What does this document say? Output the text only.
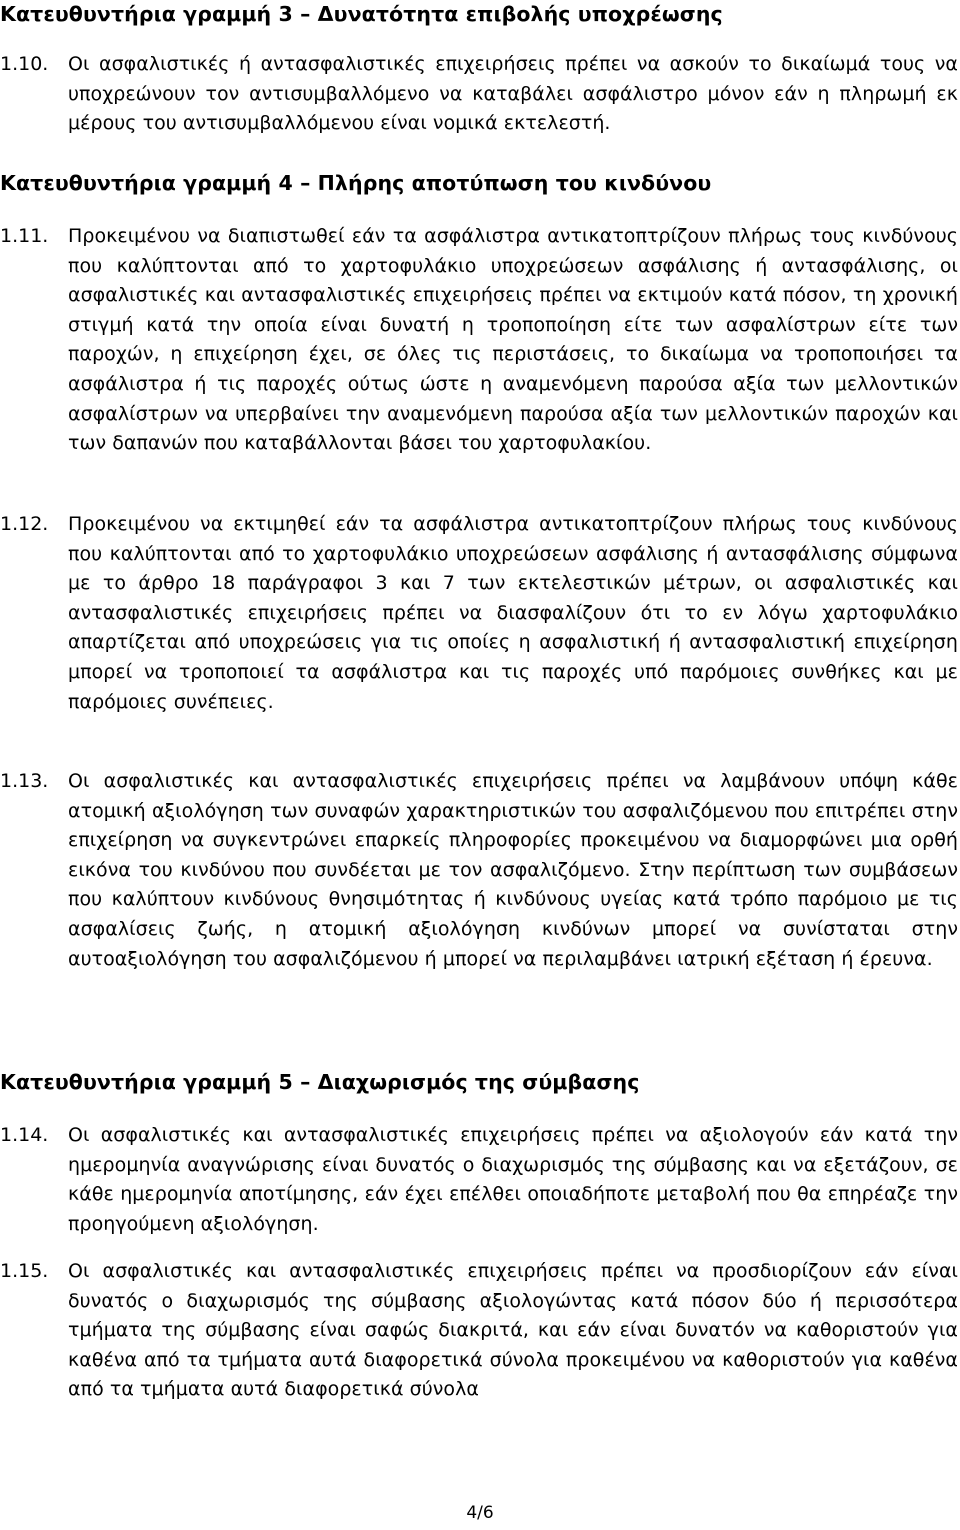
Κατευθυντήρια γραμμή 3 – Δυνατότητα επιβολής υποχρέωσης
1.10. Οι ασφαλιστικές ή αντασφαλιστικές επιχειρήσεις πρέπει να ασκούν το δικαίωμά τους να υποχρεώνουν τον αντισυμβαλλόμενο να καταβάλει ασφάλιστρο μόνον εάν η πληρωμή εκ μέρους του αντισυμβαλλόμενου είναι νομικά εκτελεστή.
Κατευθυντήρια γραμμή 4 – Πλήρης αποτύπωση του κινδύνου
1.11. Προκειμένου να διαπιστωθεί εάν τα ασφάλιστρα αντικατοπτρίζουν πλήρως τους κινδύνους που καλύπτονται από το χαρτοφυλάκιο υποχρεώσεων ασφάλισης ή αντασφάλισης, οι ασφαλιστικές και αντασφαλιστικές επιχειρήσεις πρέπει να εκτιμούν κατά πόσον, τη χρονική στιγμή κατά την οποία είναι δυνατή η τροποποίηση είτε των ασφαλίστρων είτε των παροχών, η επιχείρηση έχει, σε όλες τις περιστάσεις, το δικαίωμα να τροποποιήσει τα ασφάλιστρα ή τις παροχές ούτως ώστε η αναμενόμενη παρούσα αξία των μελλοντικών ασφαλίστρων να υπερβαίνει την αναμενόμενη παρούσα αξία των μελλοντικών παροχών και των δαπανών που καταβάλλονται βάσει του χαρτοφυλακίου.
1.12. Προκειμένου να εκτιμηθεί εάν τα ασφάλιστρα αντικατοπτρίζουν πλήρως τους κινδύνους που καλύπτονται από το χαρτοφυλάκιο υποχρεώσεων ασφάλισης ή αντασφάλισης σύμφωνα με το άρθρο 18 παράγραφοι 3 και 7 των εκτελεστικών μέτρων, οι ασφαλιστικές και αντασφαλιστικές επιχειρήσεις πρέπει να διασφαλίζουν ότι το εν λόγω χαρτοφυλάκιο απαρτίζεται από υποχρεώσεις για τις οποίες η ασφαλιστική ή αντασφαλιστική επιχείρηση μπορεί να τροποποιεί τα ασφάλιστρα και τις παροχές υπό παρόμοιες συνθήκες και με παρόμοιες συνέπειες.
1.13. Οι ασφαλιστικές και αντασφαλιστικές επιχειρήσεις πρέπει να λαμβάνουν υπόψη κάθε ατομική αξιολόγηση των συναφών χαρακτηριστικών του ασφαλιζόμενου που επιτρέπει στην επιχείρηση να συγκεντρώνει επαρκείς πληροφορίες προκειμένου να διαμορφώνει μια ορθή εικόνα του κινδύνου που συνδέεται με τον ασφαλιζόμενο. Στην περίπτωση των συμβάσεων που καλύπτουν κινδύνους θνησιμότητας ή κινδύνους υγείας κατά τρόπο παρόμοιο με τις ασφαλίσεις ζωής, η ατομική αξιολόγηση κινδύνων μπορεί να συνίσταται στην αυτοαξιολόγηση του ασφαλιζόμενου ή μπορεί να περιλαμβάνει ιατρική εξέταση ή έρευνα.
Κατευθυντήρια γραμμή 5 – Διαχωρισμός της σύμβασης
1.14. Οι ασφαλιστικές και αντασφαλιστικές επιχειρήσεις πρέπει να αξιολογούν εάν κατά την ημερομηνία αναγνώρισης είναι δυνατός ο διαχωρισμός της σύμβασης και να εξετάζουν, σε κάθε ημερομηνία αποτίμησης, εάν έχει επέλθει οποιαδήποτε μεταβολή που θα επηρέαζε την προηγούμενη αξιολόγηση.
1.15. Οι ασφαλιστικές και αντασφαλιστικές επιχειρήσεις πρέπει να προσδιορίζουν εάν είναι δυνατός ο διαχωρισμός της σύμβασης αξιολογώντας κατά πόσον δύο ή περισσότερα τμήματα της σύμβασης είναι σαφώς διακριτά, και εάν είναι δυνατόν να καθοριστούν για καθένα από τα τμήματα αυτά διαφορετικά σύνολα προκειμένου να καθοριστούν για καθένα από τα τμήματα αυτά διαφορετικά σύνολα
4/6
